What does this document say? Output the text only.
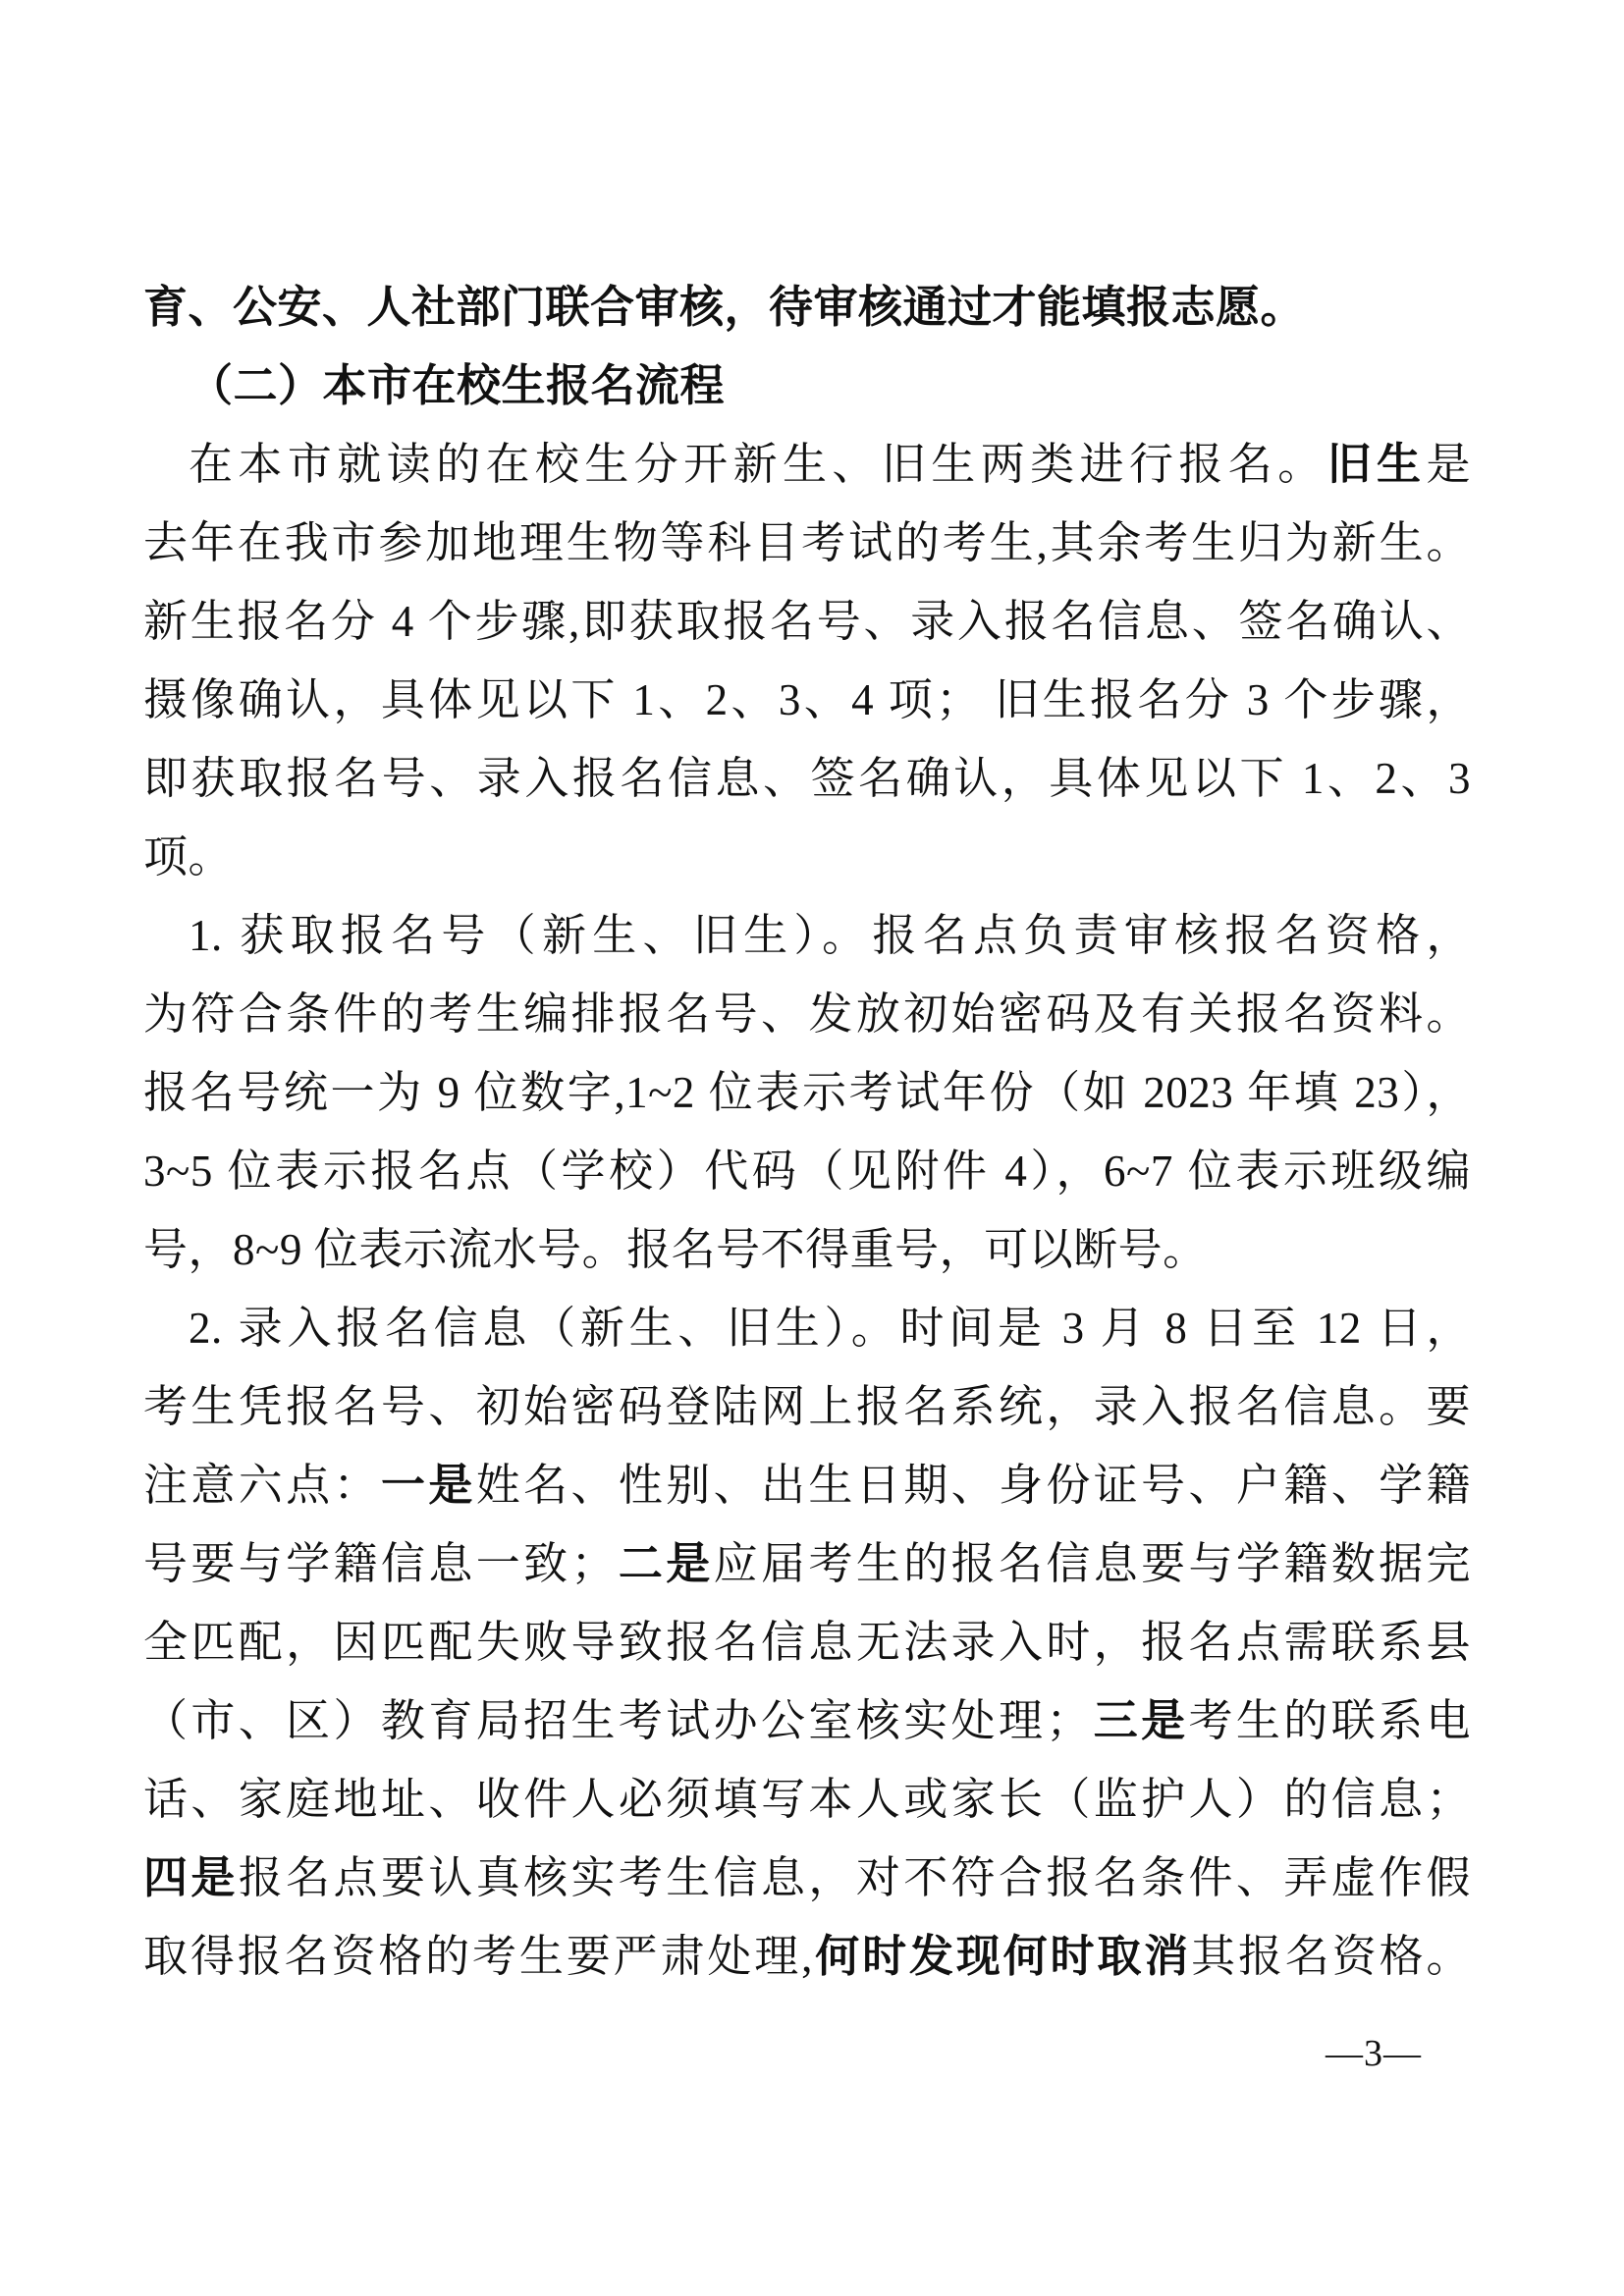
育、公安、人社部门联合审核，待审核通过才能填报志愿。
（二）本市在校生报名流程
在本市就读的在校生分开新生、旧生两类进行报名。旧生是
去年在我市参加地理生物等科目考试的考生,其余考生归为新生。
新生报名分 4 个步骤,即获取报名号、录入报名信息、签名确认、
摄像确认，具体见以下 1、2、3、4 项； 旧生报名分 3 个步骤，
即获取报名号、录入报名信息、签名确认，具体见以下 1、2、3
项。
1. 获取报名号（新生、旧生）。报名点负责审核报名资格，
为符合条件的考生编排报名号、发放初始密码及有关报名资料。
报名号统一为 9 位数字,1~2 位表示考试年份（如 2023 年填 23），
3~5 位表示报名点（学校）代码（见附件 4），6~7 位表示班级编
号，8~9 位表示流水号。报名号不得重号，可以断号。
2. 录入报名信息（新生、旧生）。时间是 3 月 8 日至 12 日，
考生凭报名号、初始密码登陆网上报名系统，录入报名信息。要
注意六点：一是姓名、性别、出生日期、身份证号、户籍、学籍
号要与学籍信息一致；二是应届考生的报名信息要与学籍数据完
全匹配，因匹配失败导致报名信息无法录入时，报名点需联系县
（市、区）教育局招生考试办公室核实处理；三是考生的联系电
话、家庭地址、收件人必须填写本人或家长（监护人）的信息；
四是报名点要认真核实考生信息，对不符合报名条件、弄虚作假
取得报名资格的考生要严肃处理,何时发现何时取消其报名资格。
—3—
